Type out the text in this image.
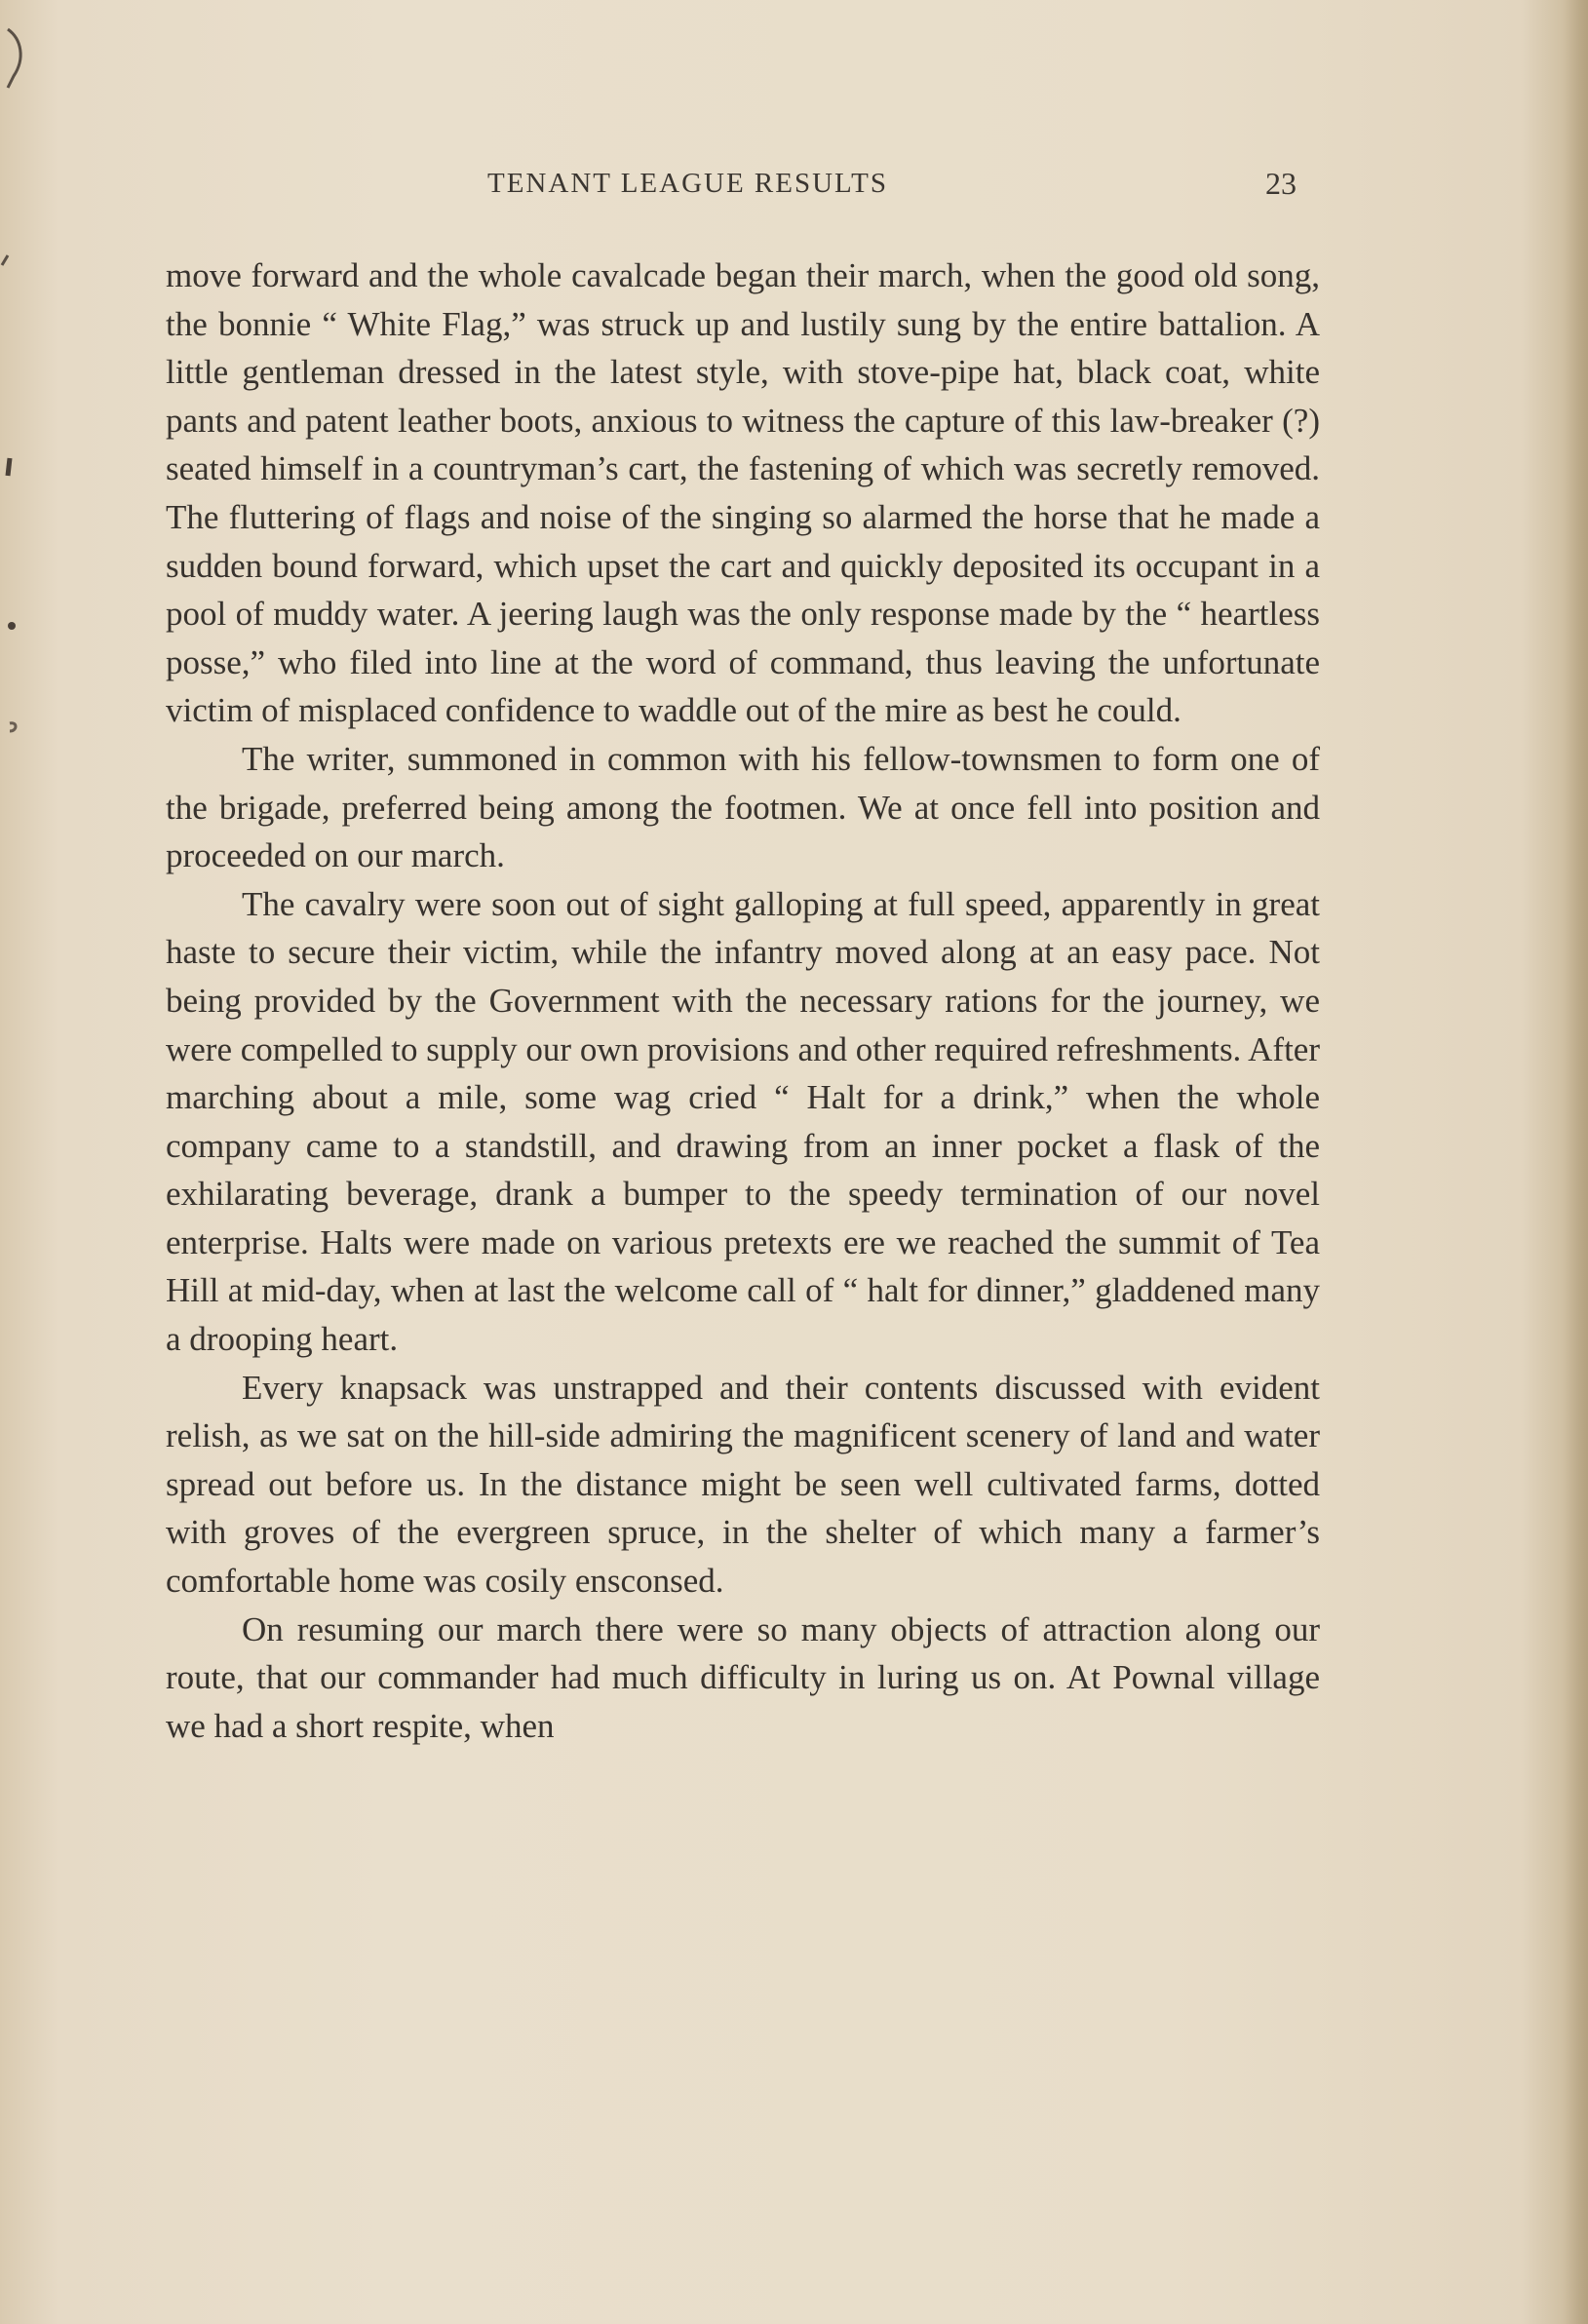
TENANT LEAGUE RESULTS	23

move forward and the whole cavalcade began their march, when the good old song, the bonnie “ White Flag,” was struck up and lustily sung by the entire battalion. A little gentleman dressed in the latest style, with stove-pipe hat, black coat, white pants and patent leather boots, anxious to witness the capture of this law-breaker (?) seated himself in a countryman’s cart, the fastening of which was secretly removed. The fluttering of flags and noise of the singing so alarmed the horse that he made a sudden bound forward, which upset the cart and quickly deposited its occupant in a pool of muddy water. A jeering laugh was the only response made by the “ heartless posse,” who filed into line at the word of command, thus leaving the unfortunate victim of misplaced confidence to waddle out of the mire as best he could.

The writer, summoned in common with his fellow-townsmen to form one of the brigade, preferred being among the footmen. We at once fell into position and proceeded on our march.

The cavalry were soon out of sight galloping at full speed, apparently in great haste to secure their victim, while the infantry moved along at an easy pace. Not being provided by the Government with the necessary rations for the journey, we were compelled to supply our own provisions and other required refreshments. After marching about a mile, some wag cried “ Halt for a drink,” when the whole company came to a standstill, and drawing from an inner pocket a flask of the exhilarating beverage, drank a bumper to the speedy termination of our novel enterprise. Halts were made on various pretexts ere we reached the summit of Tea Hill at mid-day, when at last the welcome call of “ halt for dinner,” gladdened many a drooping heart.

Every knapsack was unstrapped and their contents discussed with evident relish, as we sat on the hill-side admiring the magnificent scenery of land and water spread out before us. In the distance might be seen well cultivated farms, dotted with groves of the evergreen spruce, in the shelter of which many a farmer’s comfortable home was cosily ensconsed.

On resuming our march there were so many objects of attraction along our route, that our commander had much difficulty in luring us on. At Pownal village we had a short respite, when
